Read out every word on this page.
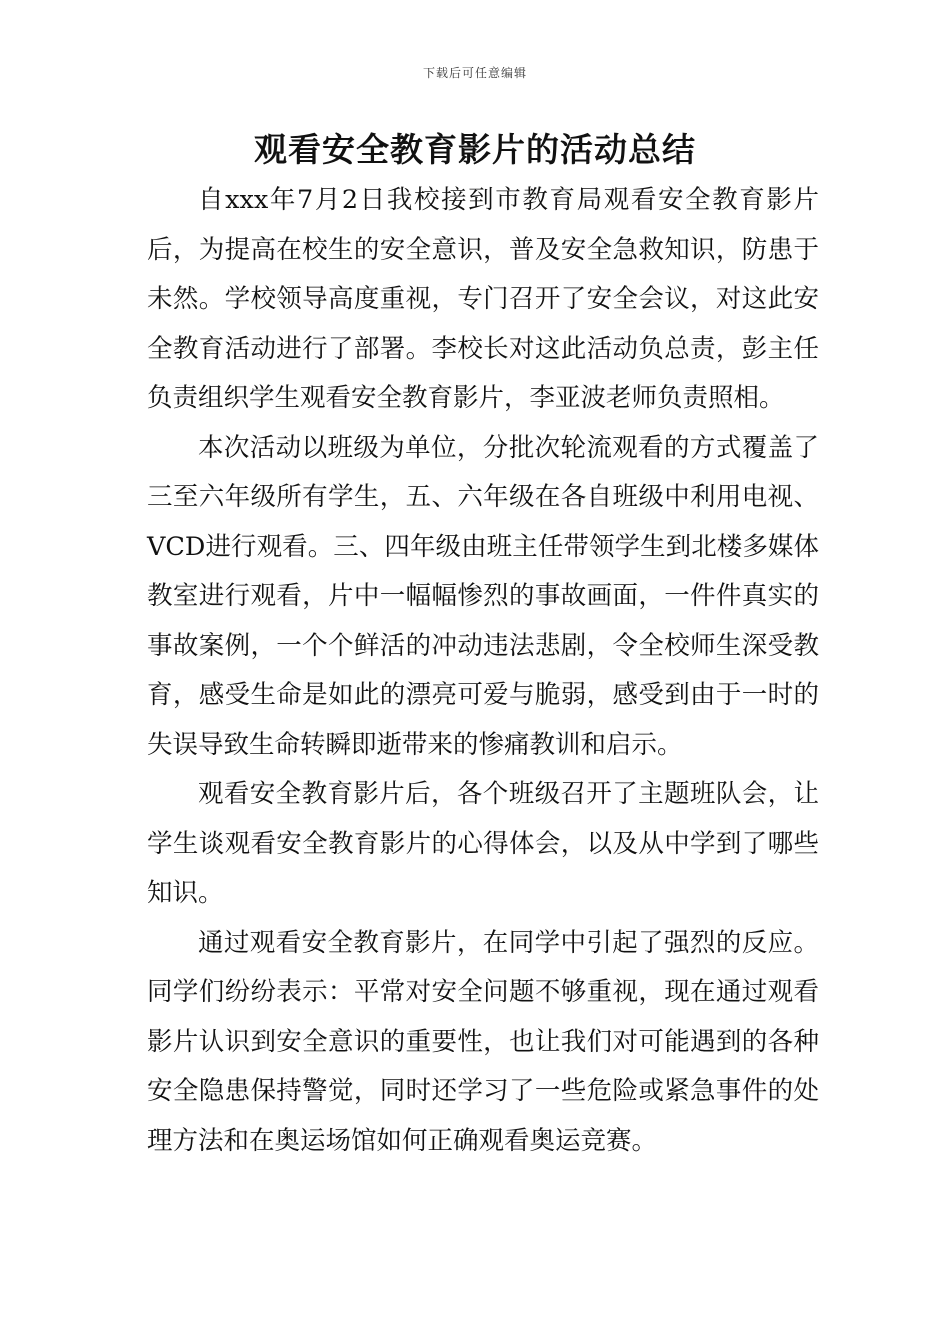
下载后可任意编辑
观看安全教育影片的活动总结

自xxx年7月2日我校接到市教育局观看安全教育影片后，为提高在校生的安全意识，普及安全急救知识，防患于未然。学校领导高度重视，专门召开了安全会议，对这此安全教育活动进行了部署。李校长对这此活动负总责，彭主任负责组织学生观看安全教育影片，李亚波老师负责照相。

本次活动以班级为单位，分批次轮流观看的方式覆盖了三至六年级所有学生，五、六年级在各自班级中利用电视、VCD进行观看。三、四年级由班主任带领学生到北楼多媒体教室进行观看，片中一幅幅惨烈的事故画面，一件件真实的事故案例，一个个鲜活的冲动违法悲剧，令全校师生深受教育，感受生命是如此的漂亮可爱与脆弱，感受到由于一时的失误导致生命转瞬即逝带来的惨痛教训和启示。

观看安全教育影片后，各个班级召开了主题班队会，让学生谈观看安全教育影片的心得体会，以及从中学到了哪些知识。

通过观看安全教育影片，在同学中引起了强烈的反应。同学们纷纷表示：平常对安全问题不够重视，现在通过观看影片认识到安全意识的重要性，也让我们对可能遇到的各种安全隐患保持警觉，同时还学习了一些危险或紧急事件的处理方法和在奥运场馆如何正确观看奥运竞赛。
